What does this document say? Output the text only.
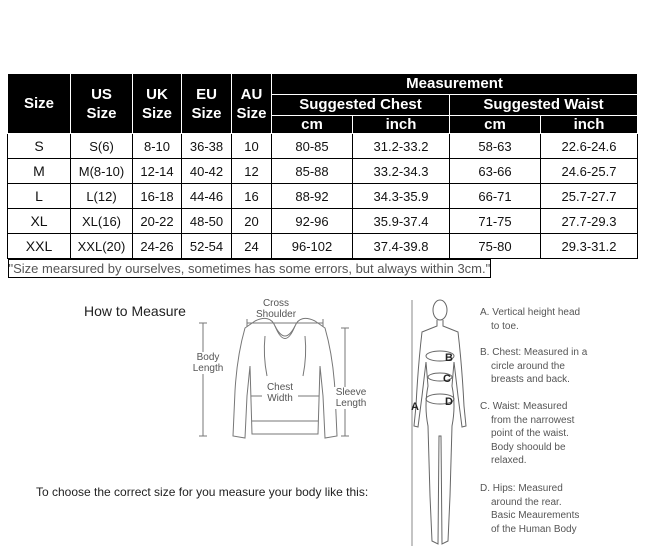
Size	US Size	UK Size	EU Size	AU Size	Measurement
Suggested Chest	Suggested Waist
cm	inch	cm	inch
S	S(6)	8-10	36-38	10	80-85	31.2-33.2	58-63	22.6-24.6
M	M(8-10)	12-14	40-42	12	85-88	33.2-34.3	63-66	24.6-25.7
L	L(12)	16-18	44-46	16	88-92	34.3-35.9	66-71	25.7-27.7
XL	XL(16)	20-22	48-50	20	92-96	35.9-37.4	71-75	27.7-29.3
XXL	XXL(20)	24-26	52-54	24	96-102	37.4-39.8	75-80	29.3-31.2

"Size mearsured by ourselves, sometimes has some errors, but always within 3cm."
How to Measure	Cross
Shoulder
Body
Length
Chest
Width
Sleeve
Length	A
B
C
D
A. Vertical height head
to toe.
B. Chest: Measured in a
circle around the
breasts and back.
C. Waist: Measured
from the narrowest
point of the waist.
Body shoould be
relaxed.
D. Hips: Measured
around the rear.
Basic Meaurements
of the Human Body
To choose the correct size for you measure your body like this:
